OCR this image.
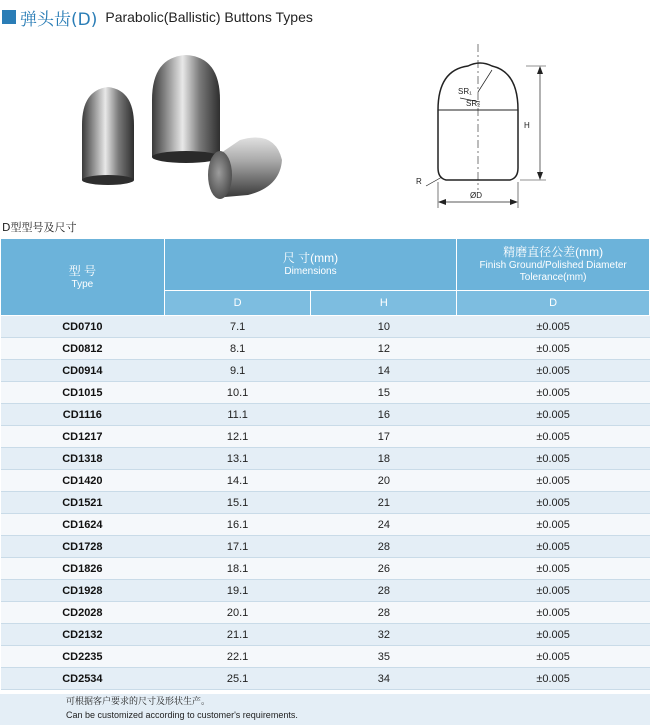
弹头齿(D) Parabolic(Ballistic) Buttons Types
SR₁
SR₂
H
R
ØD
D型型号及尺寸
型 号
Type	尺 寸(mm)
Dimensions		精磨直径公差(mm)
Finish Ground/Polished Diameter Tolerance(mm)

	D	H	D
CD0710	7.1	10	±0.005
CD0812	8.1	12	±0.005
CD0914	9.1	14	±0.005
CD1015	10.1	15	±0.005
CD1116	11.1	16	±0.005
CD1217	12.1	17	±0.005
CD1318	13.1	18	±0.005
CD1420	14.1	20	±0.005
CD1521	15.1	21	±0.005
CD1624	16.1	24	±0.005
CD1728	17.1	28	±0.005
CD1826	18.1	26	±0.005
CD1928	19.1	28	±0.005
CD2028	20.1	28	±0.005
CD2132	21.1	32	±0.005
CD2235	22.1	35	±0.005
CD2534	25.1	34	±0.005
可根据客户要求的尺寸及形状生产。
Can be customized according to customer's requirements.
